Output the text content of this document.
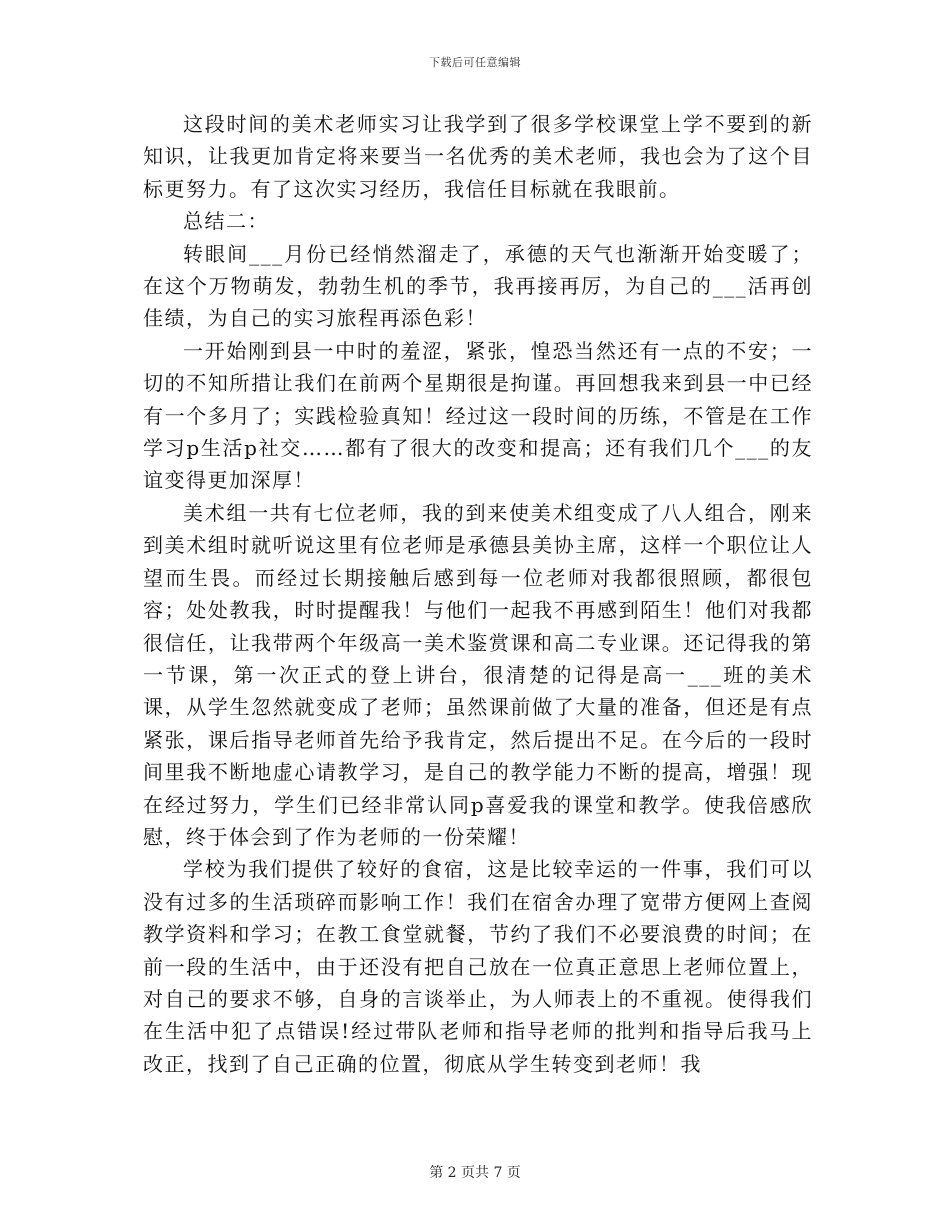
下载后可任意编辑

这段时间的美术老师实习让我学到了很多学校课堂上学不要到的新知识，让我更加肯定将来要当一名优秀的美术老师，我也会为了这个目标更努力。有了这次实习经历，我信任目标就在我眼前。

总结二：

转眼间___月份已经悄然溜走了，承德的天气也渐渐开始变暖了；在这个万物萌发，勃勃生机的季节，我再接再厉，为自己的___活再创佳绩，为自己的实习旅程再添色彩！

一开始刚到县一中时的羞涩，紧张，惶恐当然还有一点的不安；一切的不知所措让我们在前两个星期很是拘谨。再回想我来到县一中已经有一个多月了；实践检验真知！经过这一段时间的历练，不管是在工作学习p生活p社交……都有了很大的改变和提高；还有我们几个___的友谊变得更加深厚！

美术组一共有七位老师，我的到来使美术组变成了八人组合，刚来到美术组时就听说这里有位老师是承德县美协主席，这样一个职位让人望而生畏。而经过长期接触后感到每一位老师对我都很照顾，都很包容；处处教我，时时提醒我！与他们一起我不再感到陌生！他们对我都很信任，让我带两个年级高一美术鉴赏课和高二专业课。还记得我的第一节课，第一次正式的登上讲台，很清楚的记得是高一___班的美术课，从学生忽然就变成了老师；虽然课前做了大量的准备，但还是有点紧张，课后指导老师首先给予我肯定，然后提出不足。在今后的一段时间里我不断地虚心请教学习，是自己的教学能力不断的提高，增强！现在经过努力，学生们已经非常认同p喜爱我的课堂和教学。使我倍感欣慰，终于体会到了作为老师的一份荣耀！

学校为我们提供了较好的食宿，这是比较幸运的一件事，我们可以没有过多的生活琐碎而影响工作！我们在宿舍办理了宽带方便网上查阅教学资料和学习；在教工食堂就餐，节约了我们不必要浪费的时间；在前一段的生活中，由于还没有把自己放在一位真正意思上老师位置上，对自己的要求不够，自身的言谈举止，为人师表上的不重视。使得我们在生活中犯了点错误!经过带队老师和指导老师的批判和指导后我马上改正，找到了自己正确的位置，彻底从学生转变到老师！我

第 2 页共 7 页
